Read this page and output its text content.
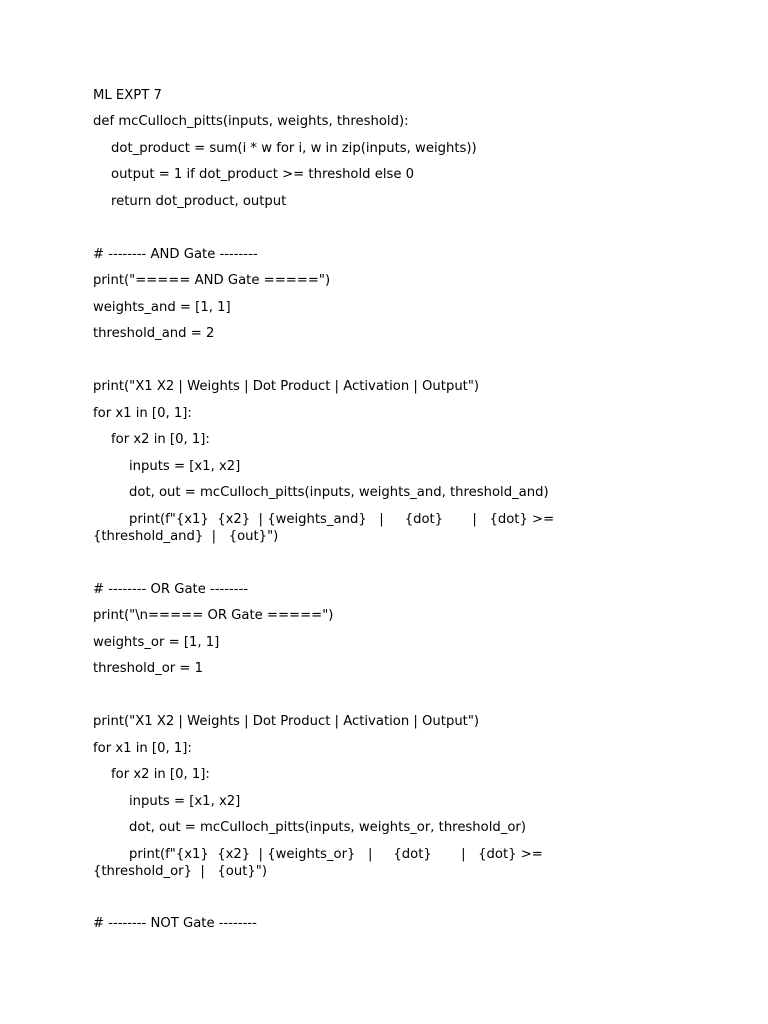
ML EXPT 7
def mcCulloch_pitts(inputs, weights, threshold):
dot_product = sum(i * w for i, w in zip(inputs, weights))
output = 1 if dot_product >= threshold else 0
return dot_product, output
# -------- AND Gate --------
print("===== AND Gate =====")
weights_and = [1, 1]
threshold_and = 2
print("X1 X2 | Weights | Dot Product | Activation | Output")
for x1 in [0, 1]:
for x2 in [0, 1]:
inputs = [x1, x2]
dot, out = mcCulloch_pitts(inputs, weights_and, threshold_and)
print(f"{x1}  {x2}  | {weights_and}   |     {dot}       |   {dot} >=
{threshold_and}  |   {out}")
# -------- OR Gate --------
print("\n===== OR Gate =====")
weights_or = [1, 1]
threshold_or = 1
print("X1 X2 | Weights | Dot Product | Activation | Output")
for x1 in [0, 1]:
for x2 in [0, 1]:
inputs = [x1, x2]
dot, out = mcCulloch_pitts(inputs, weights_or, threshold_or)
print(f"{x1}  {x2}  | {weights_or}   |     {dot}       |   {dot} >=
{threshold_or}  |   {out}")
# -------- NOT Gate --------
